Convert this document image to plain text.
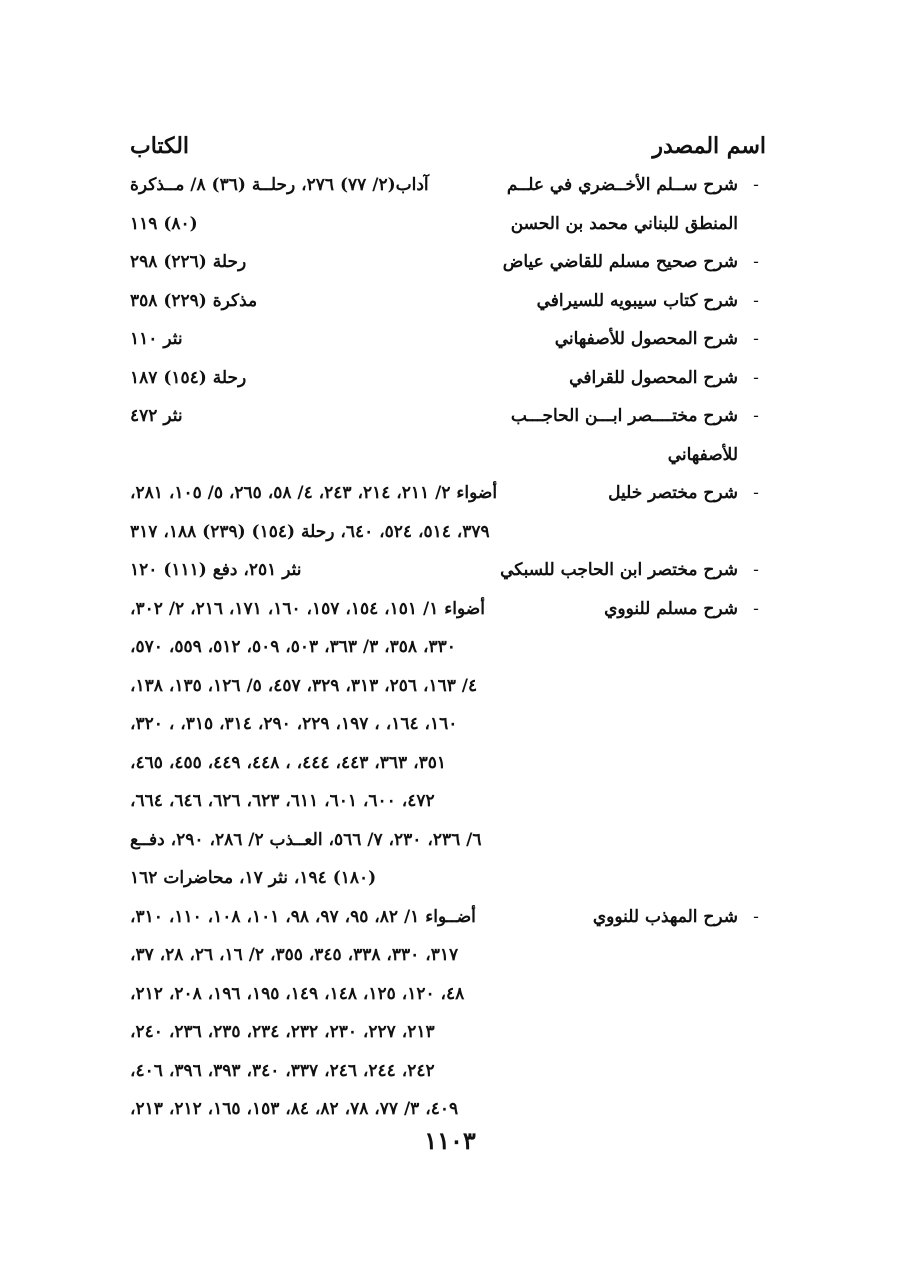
اسم المصدر
الكتاب
-
شرح ســلم الأخــضري في علــم
آداب(٢/ ٧٧) ٢٧٦، رحلــة (٣٦) ٨/ مــذكرة
المنطق للبناني محمد بن الحسن
(٨٠) ١١٩
-
شرح صحيح مسلم للقاضي عياض
رحلة (٢٢٦) ٢٩٨
-
شرح كتاب سيبويه للسيرافي
مذكرة (٢٢٩) ٣٥٨
-
شرح المحصول للأصفهاني
نثر ١١٠
-
شرح المحصول للقرافي
رحلة (١٥٤) ١٨٧
-
شرح مختــــصر ابـــن الحاجـــب
نثر ٤٧٢
للأصفهاني
-
شرح مختصر خليل
أضواء ٢/ ٢١١، ٢١٤، ٢٤٣، ٤/ ٥٨، ٢٦٥، ٥/ ١٠٥، ٢٨١،
٣٧٩، ٥١٤، ٥٢٤، ٦٤٠، رحلة (١٥٤) (٢٣٩) ١٨٨، ٣١٧
-
شرح مختصر ابن الحاجب للسبكي
نثر ٢٥١، دفع (١١١) ١٢٠
-
شرح مسلم للنووي
أضواء ١/ ١٥١، ١٥٤، ١٥٧، ١٦٠، ١٧١، ٢١٦، ٢/ ٣٠٢،
٣٣٠، ٣٥٨، ٣/ ٣٦٣، ٥٠٣، ٥٠٩، ٥١٢، ٥٥٩، ٥٧٠،
٤/ ١٦٣، ٢٥٦، ٣١٣، ٣٢٩، ٤٥٧، ٥/ ١٢٦، ١٣٥، ١٣٨،
١٦٠، ١٦٤، ، ١٩٧، ٢٢٩، ٢٩٠، ٣١٤، ٣١٥، ، ٣٢٠،
٣٥١، ٣٦٣، ٤٤٣، ٤٤٤، ، ٤٤٨، ٤٤٩، ٤٥٥، ٤٦٥،
٤٧٢، ٦٠٠، ٦٠١، ٦١١، ٦٢٣، ٦٢٦، ٦٤٦، ٦٦٤،
٦/ ٢٣٦، ٢٣٠، ٧/ ٥٦٦، العــذب ٢/ ٢٨٦، ٢٩٠، دفــع
(١٨٠) ١٩٤، نثر ١٧، محاضرات ١٦٢
-
شرح المهذب للنووي
أضــواء ١/ ٨٢، ٩٥، ٩٧، ٩٨، ١٠١، ١٠٨، ١١٠، ٣١٠،
٣١٧، ٣٣٠، ٣٣٨، ٣٤٥، ٣٥٥، ٢/ ١٦، ٢٦، ٢٨، ٣٧،
٤٨، ١٢٠، ١٢٥، ١٤٨، ١٤٩، ١٩٥، ١٩٦، ٢٠٨، ٢١٢،
٢١٣، ٢٢٧، ٢٣٠، ٢٣٢، ٢٣٤، ٢٣٥، ٢٣٦، ٢٤٠،
٢٤٢، ٢٤٤، ٢٤٦، ٣٣٧، ٣٤٠، ٣٩٣، ٣٩٦، ٤٠٦،
٤٠٩، ٣/ ٧٧، ٧٨، ٨٢، ٨٤، ١٥٣، ١٦٥، ٢١٢، ٢١٣،
١١٠٣
